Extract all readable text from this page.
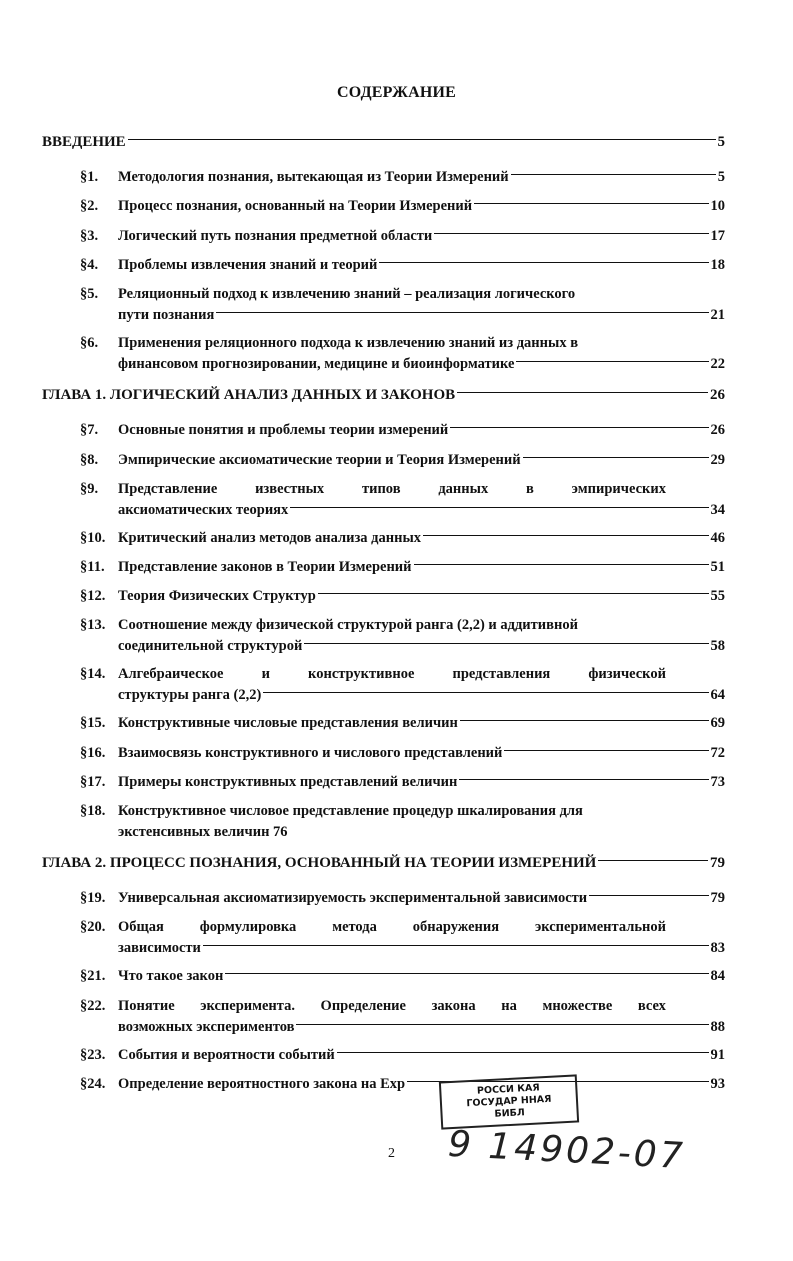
СОДЕРЖАНИЕ
ВВЕДЕНИЕ	5
§1. Методология познания, вытекающая из Теории Измерений	5
§2. Процесс познания, основанный на Теории Измерений	10
§3. Логический путь познания предметной области	17
§4. Проблемы извлечения знаний и теорий	18
§5. Реляционный подход к извлечению знаний – реализация логического
пути познания	21
§6. Применения реляционного подхода к извлечению знаний из данных в
финансовом прогнозировании, медицине и биоинформатике	22
ГЛАВА 1. ЛОГИЧЕСКИЙ АНАЛИЗ ДАННЫХ И ЗАКОНОВ	26
§7. Основные понятия и проблемы теории измерений	26
§8. Эмпирические аксиоматические теории и Теория Измерений	29
§9. Представление	известных	типов	данных	в	эмпирических
аксиоматических теориях	34
§10. Критический анализ методов анализа данных	46
§11. Представление законов в Теории Измерений	51
§12. Теория Физических Структур	55
§13. Соотношение между физической структурой ранга (2,2) и аддитивной
соединительной структурой	58
§14. Алгебраическое	и	конструктивное	представления	физической
структуры ранга (2,2)	64
§15. Конструктивные числовые представления величин	69
§16. Взаимосвязь конструктивного и числового представлений	72
§17. Примеры конструктивных представлений величин	73
§18. Конструктивное числовое представление процедур шкалирования для
экстенсивных величин 76
ГЛАВА 2. ПРОЦЕСС ПОЗНАНИЯ, ОСНОВАННЫЙ НА ТЕОРИИ ИЗМЕРЕНИЙ	79
§19. Универсальная аксиоматизируемость экспериментальной зависимости	79
§20. Общая формулировка метода обнаружения экспериментальной
зависимости	83
§21. Что такое закон	84
§22. Понятие эксперимента. Определение закона на множестве всех
возможных экспериментов	88
§23. События и вероятности событий	91
§24. Определение вероятностного закона на Exp	93
РОССИ КАЯ
ГОСУДАР ННАЯ
БИБЛ
2 9 14902-07
